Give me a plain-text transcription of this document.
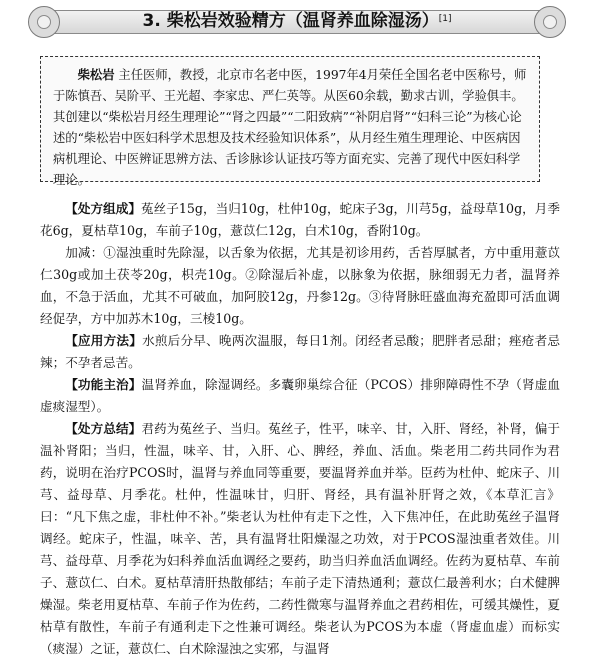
3. 柴松岩效验精方（温肾养血除湿汤）[1]
柴松岩 主任医师，教授，北京市名老中医，1997年4月荣任全国名老中医称号，师于陈慎吾、吴阶平、王光超、李家忠、严仁英等。从医60余载，勤求古训，学验俱丰。其创建以“柴松岩月经生理理论”“肾之四最”“二阳致病”“补阴启肾”“妇科三论”为核心论述的“柴松岩中医妇科学术思想及技术经验知识体系”，从月经生殖生理理论、中医病因病机理论、中医辨证思辨方法、舌诊脉诊认证技巧等方面充实、完善了现代中医妇科学理论。

【处方组成】菟丝子15g，当归10g，杜仲10g，蛇床子3g，川芎5g，益母草10g，月季花6g，夏枯草10g，车前子10g，薏苡仁12g，白术10g，香附10g。

加减：①湿浊重时先除湿，以舌象为依据，尤其是初诊用药，舌苔厚腻者，方中重用薏苡仁30g或加土茯苓20g，枳壳10g。②除湿后补虚，以脉象为依据，脉细弱无力者，温肾养血，不急于活血，尤其不可破血，加阿胶12g，丹参12g。③待肾脉旺盛血海充盈即可活血调经促孕，方中加苏木10g，三棱10g。

【应用方法】水煎后分早、晚两次温服，每日1剂。闭经者忌酸；肥胖者忌甜；痤疮者忌辣；不孕者忌苦。

【功能主治】温肾养血，除湿调经。多囊卵巢综合征（PCOS）排卵障碍性不孕（肾虚血虚痰湿型）。

【处方总结】君药为菟丝子、当归。菟丝子，性平，味辛、甘，入肝、肾经，补肾，偏于温补肾阳；当归，性温，味辛、甘，入肝、心、脾经，养血、活血。柴老用二药共同作为君药，说明在治疗PCOS时，温肾与养血同等重要，要温肾养血并举。臣药为杜仲、蛇床子、川芎、益母草、月季花。杜仲，性温味甘，归肝、肾经，具有温补肝肾之效，《本草汇言》曰：“凡下焦之虚，非杜仲不补。”柴老认为杜仲有走下之性，入下焦冲任，在此助菟丝子温肾调经。蛇床子，性温，味辛、苦，具有温肾壮阳燥湿之功效，对于PCOS湿浊重者效佳。川芎、益母草、月季花为妇科养血活血调经之要药，助当归养血活血调经。佐药为夏枯草、车前子、薏苡仁、白术。夏枯草清肝热散郁结；车前子走下清热通利；薏苡仁最善利水；白术健脾燥湿。柴老用夏枯草、车前子作为佐药，二药性微寒与温肾养血之君药相佐，可缓其燥性，夏枯草有散性，车前子有通利走下之性兼可调经。柴老认为PCOS为本虚（肾虚血虚）而标实（痰湿）之证，薏苡仁、白术除湿浊之实邪，与温肾
